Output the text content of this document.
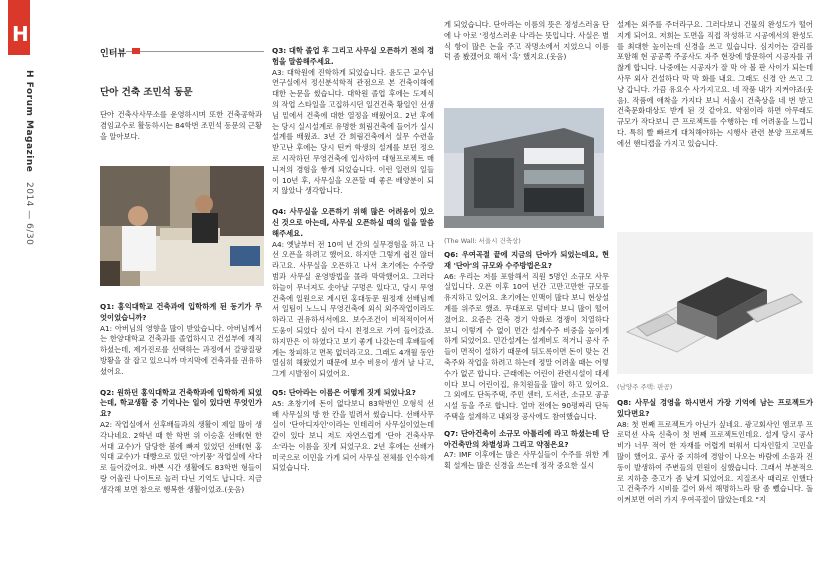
H
H Forum Magazine 2014 — 6/30
인터뷰
단아 건축 조민석 동문
단아 건축사사무소를 운영하시며 또한 건축공학과 겸임교수로 활동하시는 84학번 조민석 동문의 근황을 알아보다.

Q1: 홍익대학교 건축과에 입학하게 된 동기가 무엇이었습니까?

A1: 아버님의 영향을 많이 받았습니다. 아버님께서는 한양대학교 건축과를 졸업하시고 건설부에 재직하셨는데, 제가진로를 선택하는 과정에서 갈팡질팡 방황을 잘 잡고 있으니까 마지막에 건축과를 권유하셨어요.

Q2: 원하던 홍익대학교 건축학과에 입학하게 되었는데, 학교생활 중 기억나는 일이 있다면 무엇인가요?

A2: 작업실에서 선후배들과의 생활이 제일 많이 생각나네요. 2학년 때 한 학번 위 이승훈 선배(현 한서대 교수)가 담당한 봄에 빠져 있었던 선배(현 홍익대 교수)가 대빵으로 있던 '아키풍' 작업실에 사다로 들어갔어요. 바쁜 시간 생활에도 83학번 형들이랑 어울린 나이트로 놀러 다닌 기억도 납니다. 지금 생각해 보면 참으로 행복한 생활이었죠.(웃음)

Q3: 대학 졸업 후 그리고 사무실 오픈하기 전의 경험을 말씀해주세요.

A3: 대학원에 진학하게 되었습니다. 윤도근 교수님 연구실에서 정신분석학적 관점으로 본 건축이해에 대한 논문을 썼습니다. 대학원 졸업 후에는 도제식의 작업 스타일을 고집하시던 일건건축 황일인 선생님 밑에서 건축에 대한 열정을 배웠어요. 2년 후에는 당시 실시설계로 유명한 희림건축에 들어가 실시설계를 배웠죠. 3년 간 희림건축에서 실무 수련을 받고난 후에는 당시 틴커 학생의 설계를 보던 정으로 시작하던 무영건축에 입사하여 대형프로젝트 매니저의 경험을 쌓게 되었습니다. 이런 일련의 일들이 10년 후, 사무실을 오픈할 때 좋은 배양분이 되지 않았나 생각합니다.

Q4: 사무실을 오픈하기 위해 많은 어려움이 있으신 것으로 아는데, 사무실 오픈하실 때의 일을 말씀해주세요.

A4: 옛날부터 전 10여 년 간의 실무경험을 하고 나선 오픈을 하려고 했어요. 하지만 그렇게 쉽진 않더라고요. 사무실을 오픈하고 나서 초기에는 수주량 범과 사무실 운영방법을 몰라 막막했어요. 그러다 하늘이 무너져도 솟아날 구멍은 있다고, 당시 무영건축에 일원으로 계시던 홍대동문 원정재 선배님께서 일팀이 노느니 무영건축에 외식 외주작업이라도 하라고 권유하셔서에요. 보수조건이 비적적이어서 도움이 되었다 싶어 다시 친정으로 가여 들어갔죠. 하지만은 이 하였다고 보기 좋게 나갔는데 후배들에게는 창피하고 면목 없더라고요. 그래도 4개월 동안 열심히 해왔었기 때문에 보수 비용이 생겨 날 나고, 그게 시발점이 되었어요.

Q5: 단아라는 이름은 어떻게 짓게 되었나요?

A5: 초창기에 돈이 없다보니 83학번인 오형석 선배 사무실의 방 한 칸을 빌려서 썼습니다. 선배사무실이 '단아디자인'이라는 인테리어 사무실이었는데 같이 있다 보니 저도 자연스럽게 '단아 건축사무소'라는 이름을 짓게 되었구요. 2년 후에는 선배가 미국으로 이민을 가게 되어 사무실 전체를 인수하게 되었습니다.

게 되었습니다. 단아라는 이름의 뜻은 정성스러움 단 에 나 아로 '정성스러운 나'라는 뜻입니다. 사실은 별식 항이 많은 논을 주고 작명소에서 지었으니 이름 덕 좀 봤겠어요 해서 '흑' 했지요.(웃음)

(The Wall: 서울시 건축상)

Q6: 우여곡절 끝에 지금의 단아가 되었는데요, 현재 '단아'의 규모와 수주방법은요?

A6: 우리는 저를 포함해서 직원 5명인 소규모 사무실입니다. 오픈 이후 10여 년간 고만고만한 규모를 유지하고 있어요. 초기에는 인맥이 많다 보니 현상설계를 위주로 했죠. 무대포로 덤비다 보니 많이 떨어졌어요. 요즘은 건축 경기 악화로 경쟁이 치열하다 보니 이렇게 수 없이 먼간 설계수주 비중을 높이게 하게 되었어요. 민간설계는 설계비도 적거니 공사 주들이 면적이 설하기 때문에 뒤도록이면 돈이 맞는 건축주와 작업을 하려고 하는데 정말 어려울 때는 어떻 수가 없곤 합니다. 근래에는 어린이 관련시설이 대세이다 보니 어린이집, 유치원들을 많이 하고 있어요. 그 외에도 단독주택, 주민 센터, 도서관, 소규모 공공시설 등을 주로 합니다. 얼마 전에는 90평짜리 단독주택을 설계하고 내외장 공사에도 참여했습니다.

Q7: 단아건축이 소규모 아틀리에 라고 하셨는데 단아건축만의 차별성과 그리고 약점은요?

A7: IMF 이후에는 많은 사무실들이 수주를 위한 계획 설계는 많은 신경을 쓰는데 정작 중요한 실시

설계는 외주를 주더라구요. 그러다보니 건물의 완성도가 떨어지게 되어요. 저희는 도면을 직접 작성하고 시공에서의 완성도를 최대한 높이는데 신경을 쓰고 있습니다. 심지어는 감리를 포함해 현 공공쪽 주공사도 자주 현장에 방문하여 시공자를 귀찮게 합니다. 나중에는 시공자가 잘 막 아 볼 판 사이가 되는데 사무 외사 건설하다 막 막 화를 내요. 그래도 신경 안 쓰고 그냥 갑니다. 가끔 유요수 사가지고요. 네 작품 내가 지켜야죠(웃음). 작품에 애착을 가지다 보니 서울시 건축상을 네 번 받고 건축문화대상도 받게 된 것 같아요. 약점이라 하면 아무래도 규모가 작다보니 큰 프로젝트를 수행하는 데 어려움을 느낍니다. 특히 빨 빠르게 대처해야하는 시행사 관련 분양 프로젝트에선 핸디캡을 가지고 있습니다.

(남양주 주택: 판공)

Q8: 사무실 경영을 하시면서 가장 기억에 남는 프로젝트가 있다면요?

A8: 첫 번째 프로젝트가 아닌가 싶네요. 광고회사인 엠코루 프로덕션 사옥 신축이 첫 번째 프로젝트인데요. 설계 당시 공사비가 너무 적어 한 자재를 어렵게 떠워서 디자인할지 고민을 많이 했어요. 공사 중 지하에 경암이 나오는 바람에 소음과 진동이 발생하여 주변들의 민원이 심했습니다. 그래서 부분적으로 지하층 층고가 좀 낮게 되었어요. 지질조사 때리로 인했다고 건축주가 시비를 걸어 와서 해명하느라 땀 좀 뺐습니다. 돌이켜보면 여러 가지 우여곡절이 많았는데요 "지
